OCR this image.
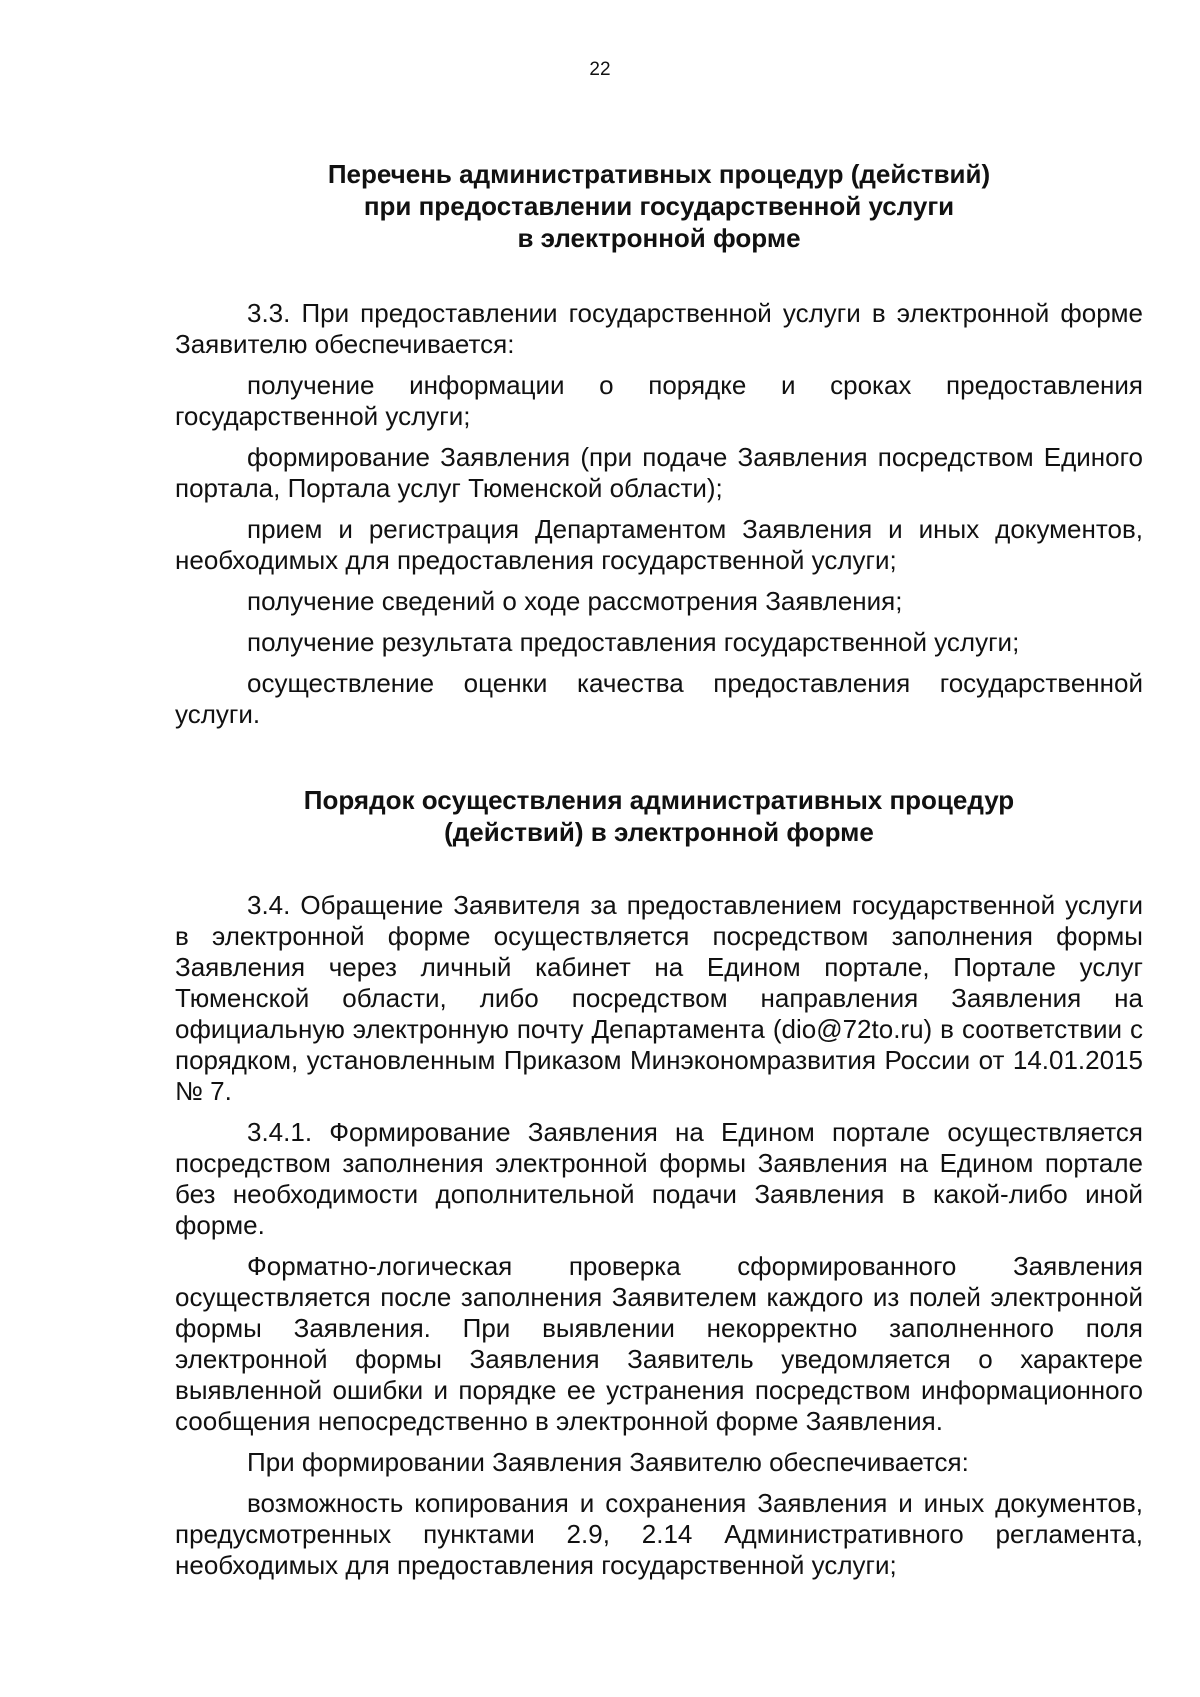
22
Перечень административных процедур (действий)
при предоставлении государственной услуги
в электронной форме

3.3. При предоставлении государственной услуги в электронной форме Заявителю обеспечивается:

получение информации о порядке и сроках предоставления государственной услуги;

формирование Заявления (при подаче Заявления посредством Единого портала, Портала услуг Тюменской области);

прием и регистрация Департаментом Заявления и иных документов, необходимых для предоставления государственной услуги;

получение сведений о ходе рассмотрения Заявления;

получение результата предоставления государственной услуги;

осуществление оценки качества предоставления государственной услуги.

Порядок осуществления административных процедур
(действий) в электронной форме

3.4. Обращение Заявителя за предоставлением государственной услуги в электронной форме осуществляется посредством заполнения формы Заявления через личный кабинет на Едином портале, Портале услуг Тюменской области, либо посредством направления Заявления на официальную электронную почту Департамента (dio@72to.ru) в соответствии с порядком, установленным Приказом Минэкономразвития России от 14.01.2015 № 7.

3.4.1. Формирование Заявления на Едином портале осуществляется посредством заполнения электронной формы Заявления на Едином портале без необходимости дополнительной подачи Заявления в какой-либо иной форме.

Форматно-логическая проверка сформированного Заявления осуществляется после заполнения Заявителем каждого из полей электронной формы Заявления. При выявлении некорректно заполненного поля электронной формы Заявления Заявитель уведомляется о характере выявленной ошибки и порядке ее устранения посредством информационного сообщения непосредственно в электронной форме Заявления.

При формировании Заявления Заявителю обеспечивается:

возможность копирования и сохранения Заявления и иных документов, предусмотренных пунктами 2.9, 2.14 Административного регламента, необходимых для предоставления государственной услуги;
